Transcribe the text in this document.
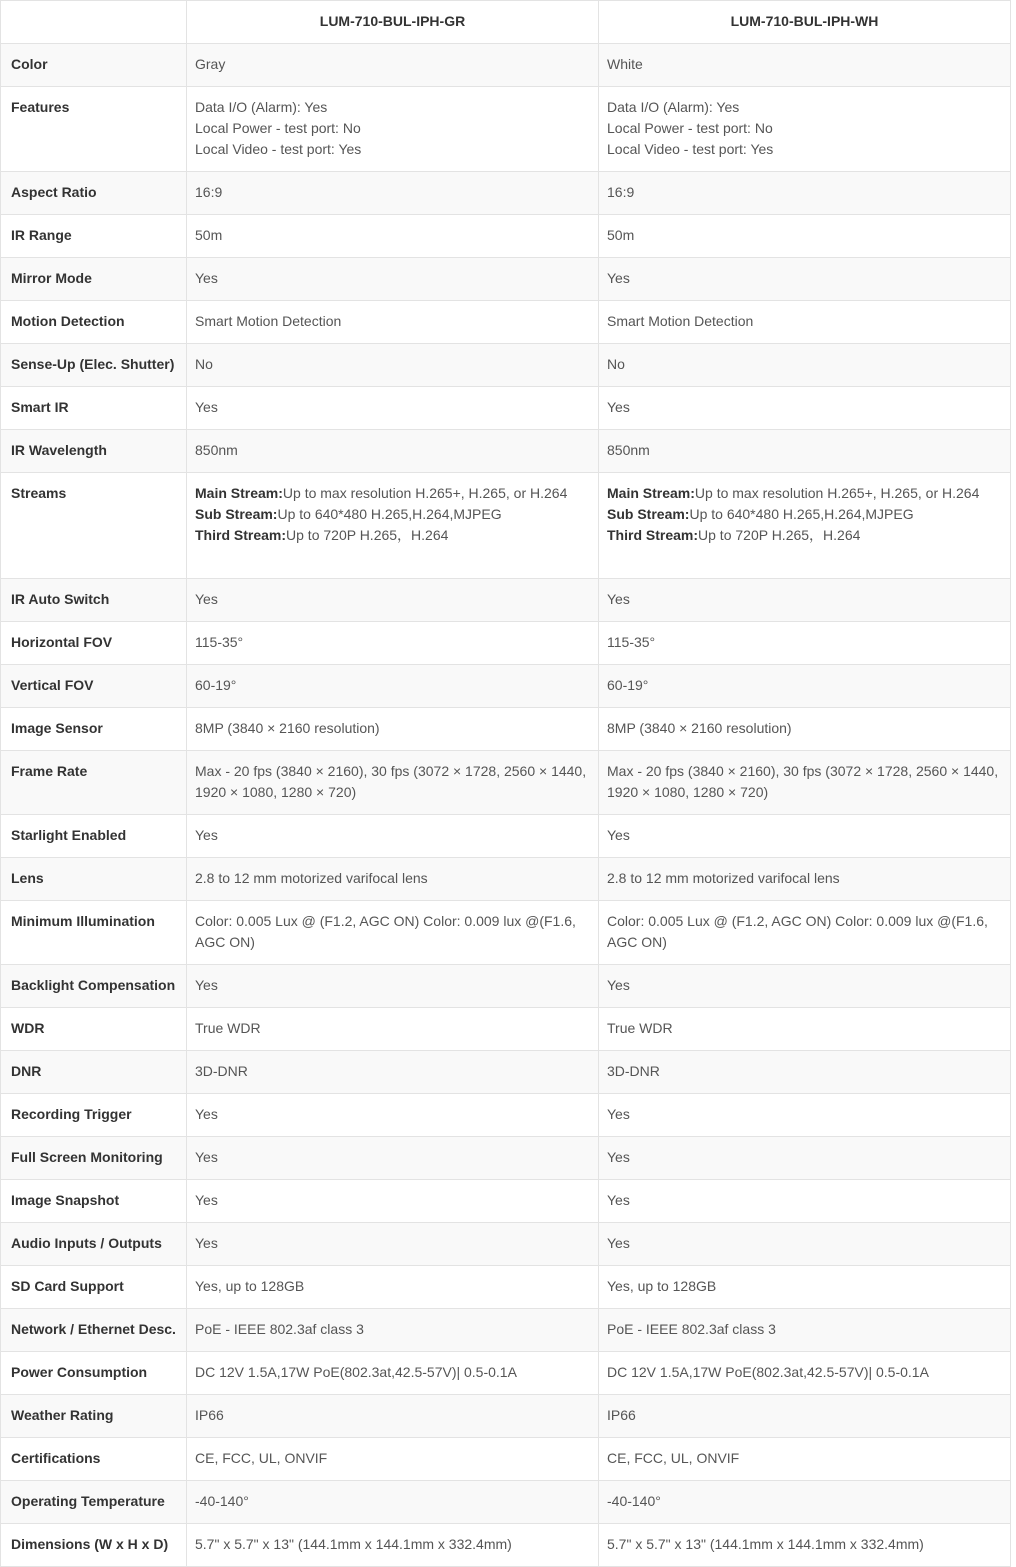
	LUM-710-BUL-IPH-GR	LUM-710-BUL-IPH-WH
Color	Gray	White
Features	Data I/O (Alarm): Yes
Local Power - test port: No
Local Video - test port: Yes	Data I/O (Alarm): Yes
Local Power - test port: No
Local Video - test port: Yes

Aspect Ratio	16:9	16:9
IR Range	50m	50m
Mirror Mode	Yes	Yes
Motion Detection	Smart Motion Detection	Smart Motion Detection
Sense-Up (Elec. Shutter)	No	No
Smart IR	Yes	Yes
IR Wavelength	850nm	850nm
Streams	Main Stream:Up to max resolution H.265+, H.265, or H.264
Sub Stream:Up to 640*480 H.265,H.264,MJPEG
Third Stream:Up to 720P H.265，H.264	Main Stream:Up to max resolution H.265+, H.265, or H.264
Sub Stream:Up to 640*480 H.265,H.264,MJPEG
Third Stream:Up to 720P H.265，H.264

IR Auto Switch	Yes	Yes
Horizontal FOV	115-35°	115-35°
Vertical FOV	60-19°	60-19°
Image Sensor	8MP (3840 × 2160 resolution)	8MP (3840 × 2160 resolution)
Frame Rate	Max - 20 fps (3840 × 2160), 30 fps (3072 × 1728, 2560 × 1440, 1920 × 1080, 1280 × 720)	Max - 20 fps (3840 × 2160), 30 fps (3072 × 1728, 2560 × 1440, 1920 × 1080, 1280 × 720)
Starlight Enabled	Yes	Yes
Lens	2.8 to 12 mm motorized varifocal lens	2.8 to 12 mm motorized varifocal lens
Minimum Illumination	Color: 0.005 Lux @ (F1.2, AGC ON) Color: 0.009 lux @(F1.6, AGC ON)	Color: 0.005 Lux @ (F1.2, AGC ON) Color: 0.009 lux @(F1.6, AGC ON)
Backlight Compensation	Yes	Yes
WDR	True WDR	True WDR
DNR	3D-DNR	3D-DNR
Recording Trigger	Yes	Yes
Full Screen Monitoring	Yes	Yes
Image Snapshot	Yes	Yes
Audio Inputs / Outputs	Yes	Yes
SD Card Support	Yes, up to 128GB	Yes, up to 128GB
Network / Ethernet Desc.	PoE - IEEE 802.3af class 3	PoE - IEEE 802.3af class 3
Power Consumption	DC 12V 1.5A,17W PoE(802.3at,42.5-57V)| 0.5-0.1A	DC 12V 1.5A,17W PoE(802.3at,42.5-57V)| 0.5-0.1A
Weather Rating	IP66	IP66
Certifications	CE, FCC, UL, ONVIF	CE, FCC, UL, ONVIF
Operating Temperature	-40-140°	-40-140°
Dimensions (W x H x D)	5.7" x 5.7" x 13" (144.1mm x 144.1mm x 332.4mm)	5.7" x 5.7" x 13" (144.1mm x 144.1mm x 332.4mm)
